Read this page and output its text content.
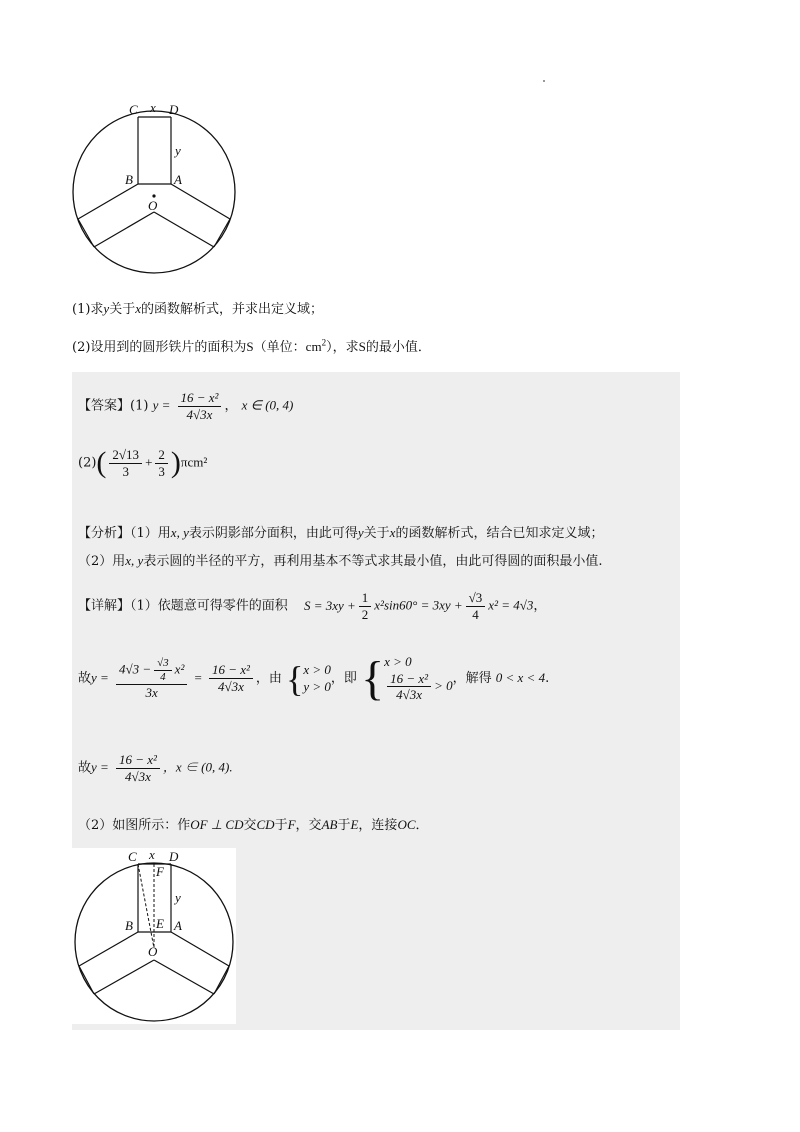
C x D
y
B	A
O
(1)求y关于x的函数解析式，并求出定义域；
(2)设用到的圆形铁片的面积为S（单位：$cm^2$），求S的最小值．
【答案】(1) $y = \frac{\text{16 − x²}}{4√3x}$ ， x ∈ (0, 4)
$(2)( \frac{2√13}{3} + \frac{2}{3} )\pi cm^2$
【分析】（1）用x, y表示阴影部分面积，由此可得y关于x的函数解析式，结合已知求定义域；
（2）用x, y表示圆的半径的平方，再利用基本不等式求其最小值，由此可得圆的面积最小值.
【详解】（1）依题意可得零件的面积 $S = 3xy + \frac{1}{2} x^2\sin 60^\circ = 3xy + \frac{√3}{4} x^2 = 4√3$，
故$y = \frac{4√3 - \frac{√3}{4} x^2}{3x} = \frac{\text{16 − x²}}{4√3x}$ ，由 { x > 0
y > 0 ，即 { x > 0
$\frac{\text{16 − x²}}{4√3x} > 0$ ，解得 0 < x < 4.
故$y = \frac{\text{16 − x²}}{4√3x}$ ，x ∈ (0, 4).
（2）如图所示：作OF ⊥ CD交CD于F，交AB于E，连接OC．
C x D
F
y
B E A
O
